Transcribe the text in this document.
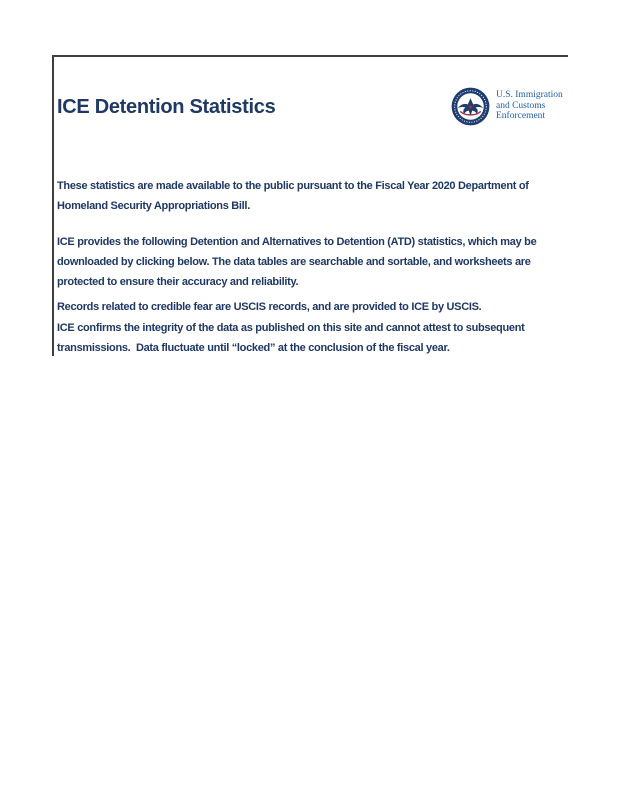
ICE Detention Statistics
U.S. Immigration
and Customs
Enforcement
These statistics are made available to the public pursuant to the Fiscal Year 2020 Department of
Homeland Security Appropriations Bill.
ICE provides the following Detention and Alternatives to Detention (ATD) statistics, which may be
downloaded by clicking below. The data tables are searchable and sortable, and worksheets are
protected to ensure their accuracy and reliability.
Records related to credible fear are USCIS records, and are provided to ICE by USCIS.
ICE confirms the integrity of the data as published on this site and cannot attest to subsequent
transmissions.  Data fluctuate until “locked” at the conclusion of the fiscal year.
